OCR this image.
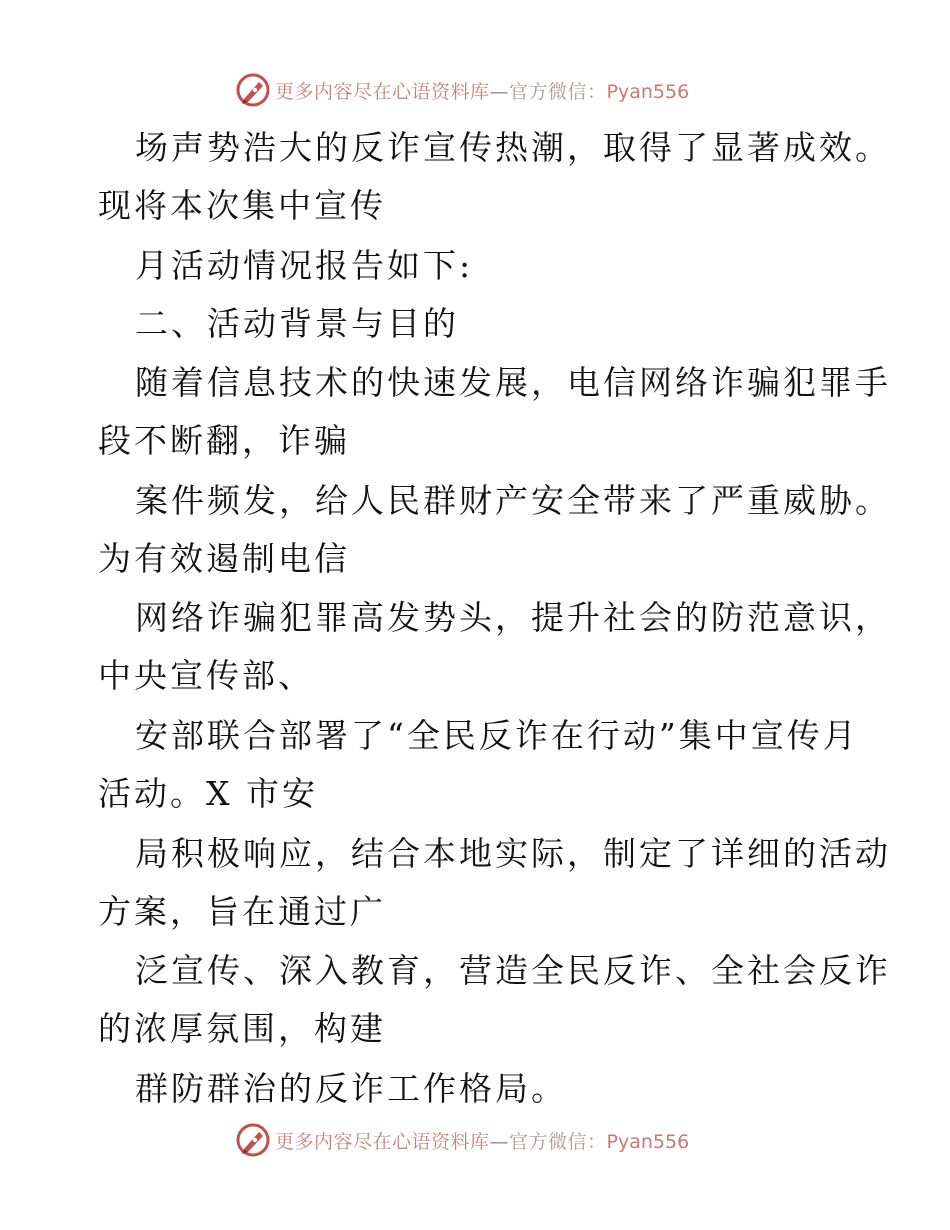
更多内容尽在心语资料库—官方微信：Pyan556
场声势浩大的反诈宣传热潮，取得了显著成效。
现将本次集中宣传
月活动情况报告如下:
二、活动背景与目的
随着信息技术的快速发展，电信网络诈骗犯罪手
段不断翻，诈骗
案件频发，给人民群财产安全带来了严重威胁。
为有效遏制电信
网络诈骗犯罪高发势头，提升社会的防范意识，
中央宣传部、
安部联合部署了“全民反诈在行动”集中宣传月
活动。X 市安
局积极响应，结合本地实际，制定了详细的活动
方案，旨在通过广
泛宣传、深入教育，营造全民反诈、全社会反诈
的浓厚氛围，构建
群防群治的反诈工作格局。
更多内容尽在心语资料库—官方微信：Pyan556
